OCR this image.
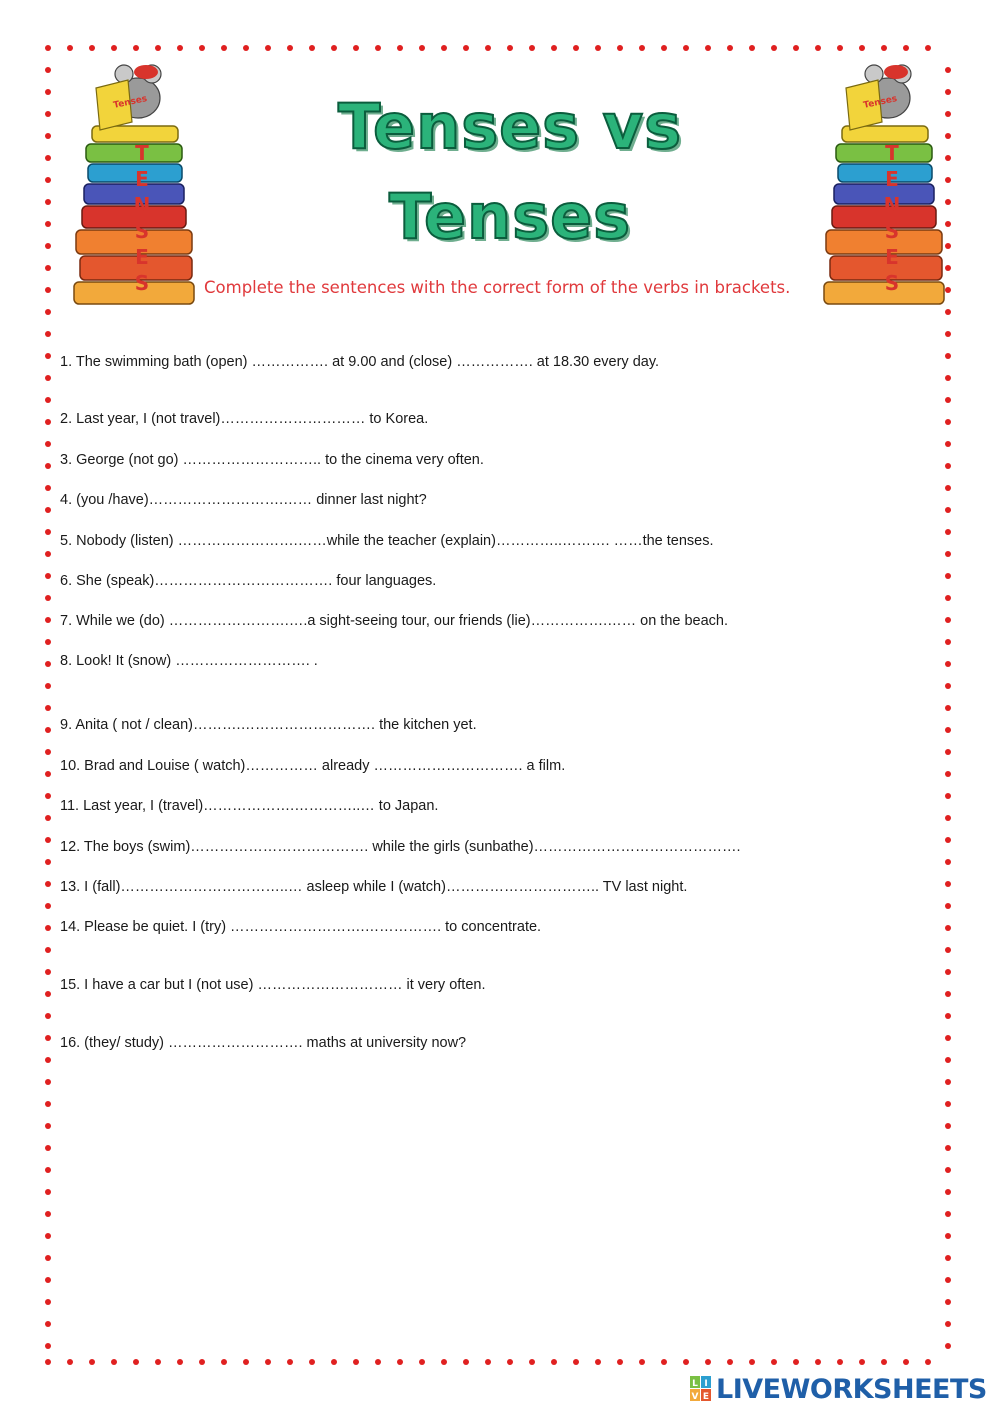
T E N S E S
Tenses
T E N S E S
Tenses
Tenses vs Tenses
Complete the sentences with the correct form of the verbs in brackets.

1. The swimming bath (open) ……………. at 9.00 and (close) ……………. at 18.30 every day.

2. Last year, I (not travel)………………………… to Korea.

3. George (not go) ……………………….. to the cinema very often.

4. (you /have)……………………….…… dinner last night?

5. Nobody (listen) …………………….……while the teacher (explain)…………..………. ……the tenses.

6. She (speak)………………………………. four languages.

7. While we (do) …………………….….a sight-seeing tour, our friends (lie)…………….…… on the beach.

8. Look! It (snow) ………………………. .

9. Anita ( not / clean)……….………………………. the kitchen yet.

10. Brad and Louise ( watch)…………… already …………………………. a film.

11. Last year, I (travel)……………….…………..… to Japan.

12. The boys (swim)………………………………. while the girls (sunbathe)…………………………………….

13. I (fall)……………………………..… asleep while I (watch)………………………….. TV last night.

14. Please be quiet. I (try) ……………………….……………. to concentrate.

15. I have a car but I (not use) ………………………… it very often.

16. (they/ study) ………………………. maths at university now?

L I
V E LIVEWORKSHEETS
